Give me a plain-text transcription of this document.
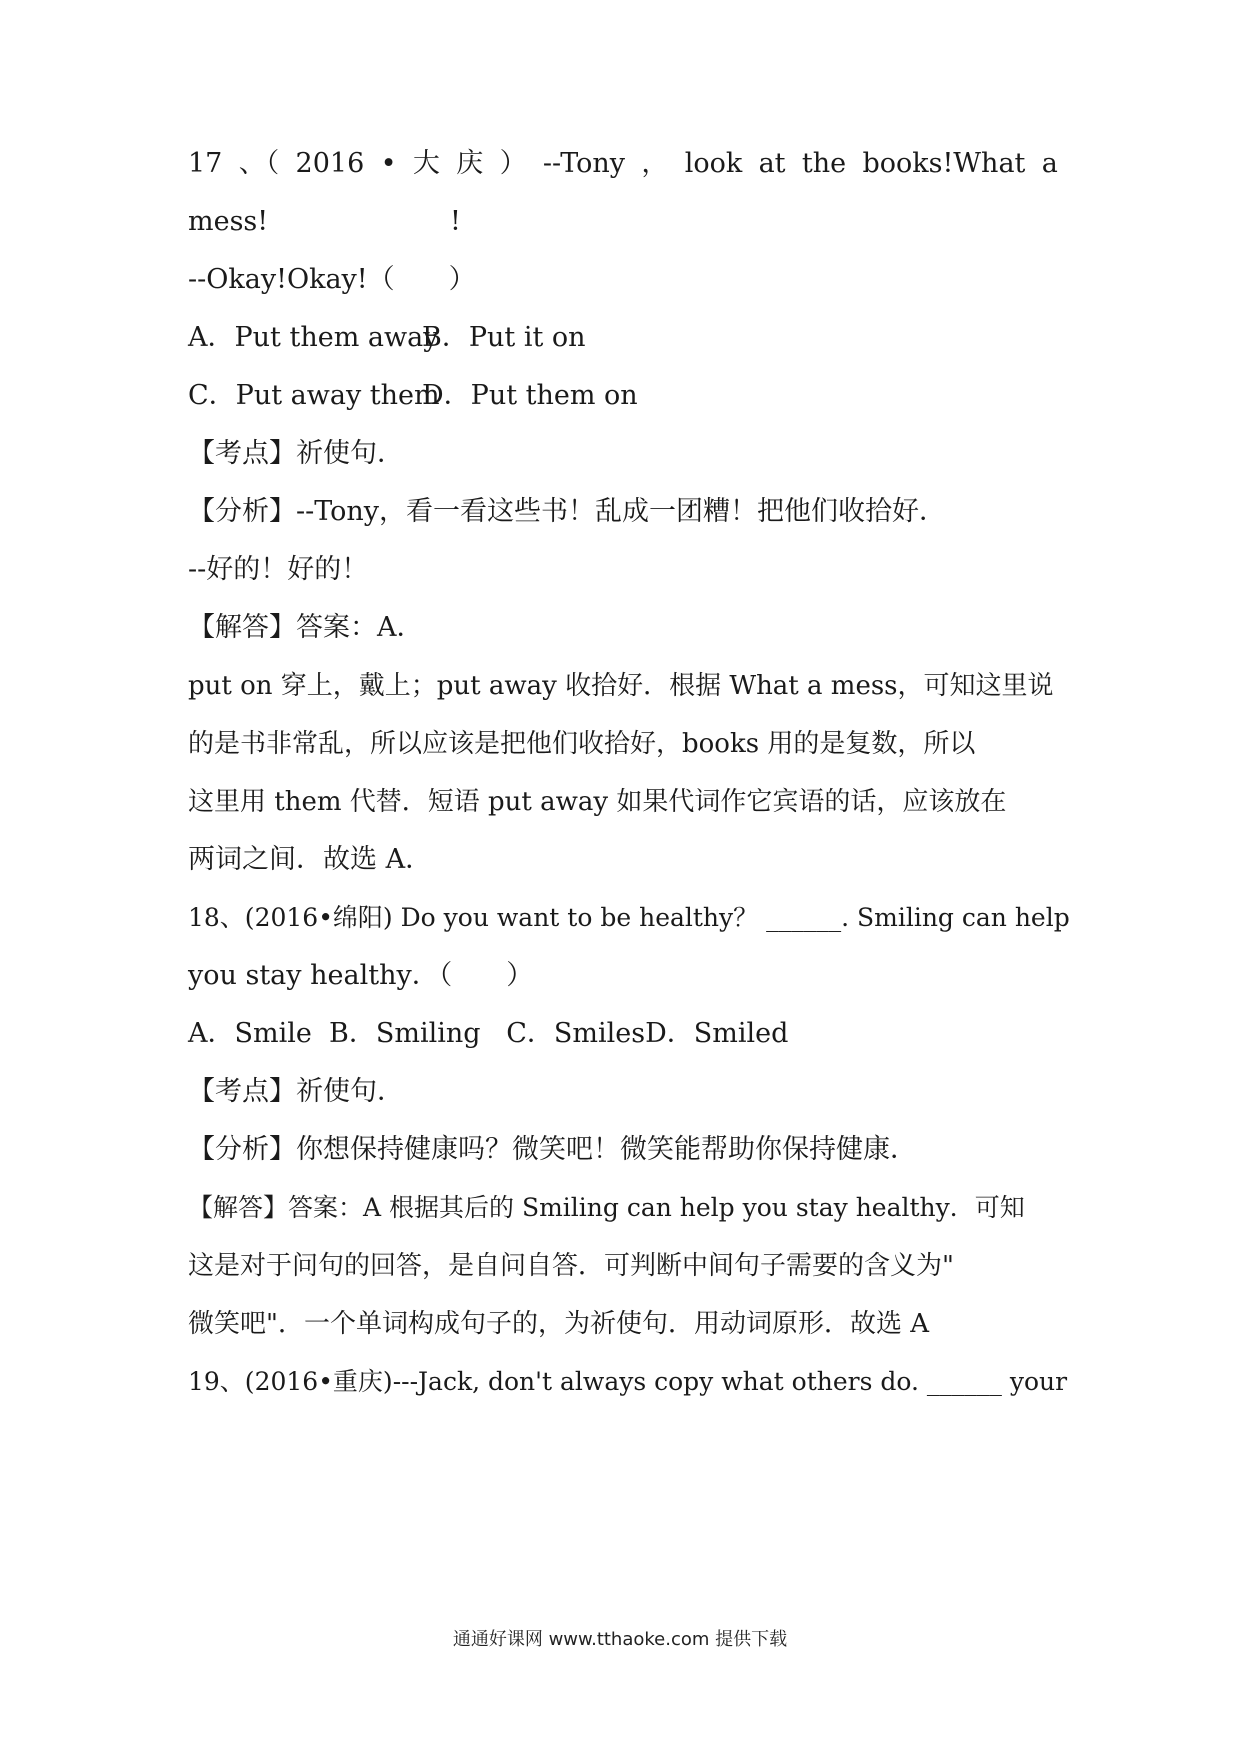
17 、（ 2016 • 大 庆 ） --Tony ， look at the books!What a
mess!	!
--Okay!Okay!（　　）
A．Put them away
B．Put it on
C．Put away them
D．Put them on
【考点】祈使句．
【分析】--Tony，看一看这些书！乱成一团糟！把他们收拾好．
--好的！好的！
【解答】答案：A．
put on 穿上，戴上；put away 收拾好．根据 What a mess，可知这里说
的是书非常乱，所以应该是把他们收拾好，books 用的是复数，所以
这里用 them 代替．短语 put away 如果代词作它宾语的话，应该放在
两词之间．故选 A．
18、(2016•绵阳) Do you want to be healthy？ ______. Smiling can help
you stay healthy．（　　）
A．Smile  B．Smiling   C．SmilesD．Smiled
【考点】祈使句．
【分析】你想保持健康吗？微笑吧！微笑能帮助你保持健康．
【解答】答案：A 根据其后的 Smiling can help you stay healthy．可知
这是对于问句的回答，是自问自答．可判断中间句子需要的含义为"
微笑吧"．一个单词构成句子的，为祈使句．用动词原形．故选 A
19、(2016•重庆)---Jack, don't always copy what others do. ______ your
通通好课网 www.tthaoke.com 提供下载
